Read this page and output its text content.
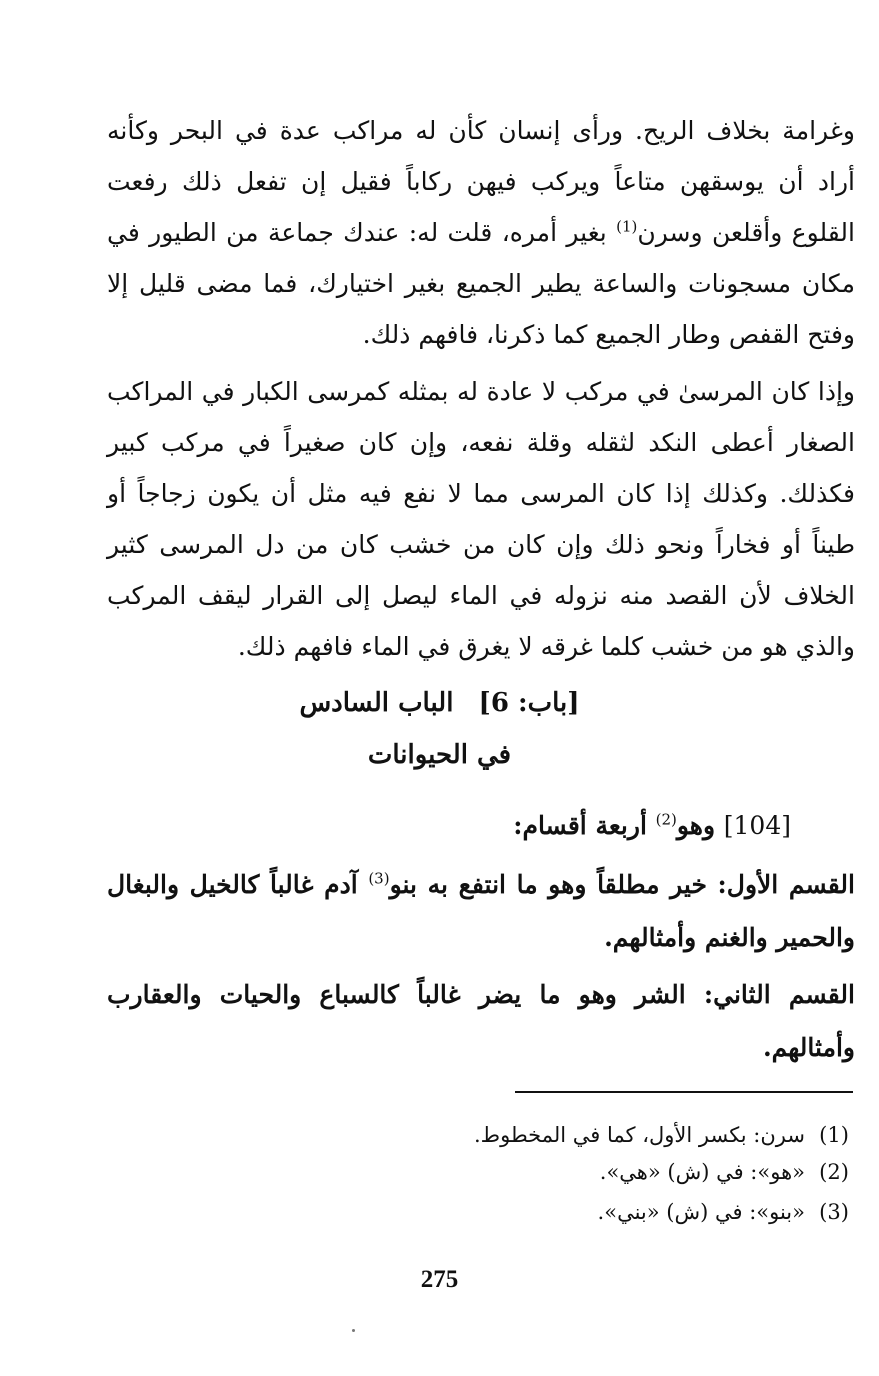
وغرامة بخلاف الريح. ورأى إنسان كأن له مراكب عدة في البحر وكأنه أراد أن يوسقهن متاعاً ويركب فيهن ركاباً فقيل إن تفعل ذلك رفعت القلوع وأقلعن وسرن$^{(1)}$ بغير أمره، قلت له: عندك جماعة من الطيور في مكان مسجونات والساعة يطير الجميع بغير اختيارك، فما مضى قليل إلا وفتح القفص وطار الجميع كما ذكرنا، فافهم ذلك.
وإذا كان المرسىٰ في مركب لا عادة له بمثله كمرسى الكبار في المراكب الصغار أعطى النكد لثقله وقلة نفعه، وإن كان صغيراً في مركب كبير فكذلك. وكذلك إذا كان المرسى مما لا نفع فيه مثل أن يكون زجاجاً أو طيناً أو فخاراً ونحو ذلك وإن كان من خشب كان من دل المرسى كثير الخلاف لأن القصد منه نزوله في الماء ليصل إلى القرار ليقف المركب والذي هو من خشب كلما غرقه لا يغرق في الماء فافهم ذلك.
[باب: 6] الباب السادس
في الحيوانات
[104] وهو$^{(2)}$ أربعة أقسام:
القسم الأول: خير مطلقاً وهو ما انتفع به بنو$^{(3)}$ آدم غالباً كالخيل والبغال والحمير والغنم وأمثالهم.
القسم الثاني: الشر وهو ما يضر غالباً كالسباع والحيات والعقارب وأمثالهم.
(1)سرن: بكسر الأول، كما في المخطوط.
(2)«هو»: في (ش) «هي».
(3)«بنو»: في (ش) «بني».
275
